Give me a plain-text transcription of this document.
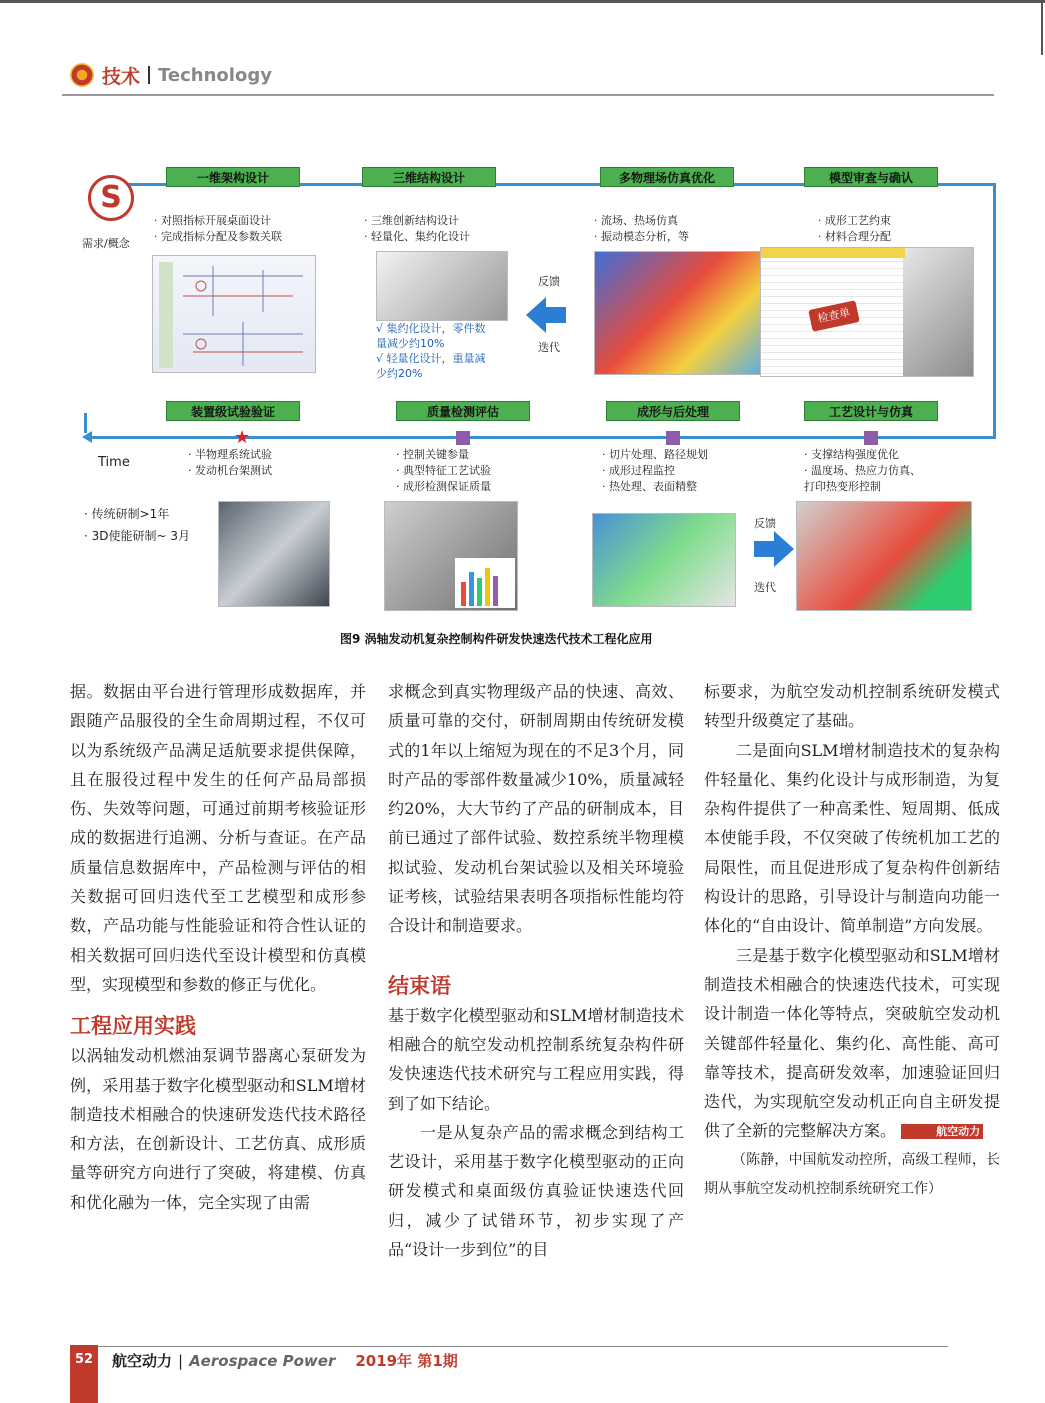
技术 Technology
S
需求/概念
Time
一维架构设计	三维结构设计	多物理场仿真优化	模型审查与确认
· 对照指标开展桌面设计
· 完成指标分配及参数关联
· 三维创新结构设计
· 轻量化、集约化设计
· 流场、热场仿真
· 振动模态分析，等
· 成形工艺约束
· 材料合理分配
√ 集约化设计，零件数
量减少约10%
√ 轻量化设计，重量减
少约20%
反馈
迭代
检查单
装置级试验验证	质量检测评估	成形与后处理	工艺设计与仿真
★
· 半物理系统试验
· 发动机台架测试
· 控制关键参量
· 典型特征工艺试验
· 成形检测保证质量
· 切片处理、路径规划
· 成形过程监控
· 热处理、表面精整
· 支撑结构强度优化
· 温度场、热应力仿真、
打印热变形控制
· 传统研制>1年
· 3D使能研制~ 3月
反馈
迭代
图9 涡轴发动机复杂控制构件研发快速迭代技术工程化应用

据。数据由平台进行管理形成数据库，并跟随产品服役的全生命周期过程，不仅可以为系统级产品满足适航要求提供保障，且在服役过程中发生的任何产品局部损伤、失效等问题，可通过前期考核验证形成的数据进行追溯、分析与查证。在产品质量信息数据库中，产品检测与评估的相关数据可回归迭代至工艺模型和成形参数，产品功能与性能验证和符合性认证的相关数据可回归迭代至设计模型和仿真模型，实现模型和参数的修正与优化。

工程应用实践

以涡轴发动机燃油泵调节器离心泵研发为例，采用基于数字化模型驱动和SLM增材制造技术相融合的快速研发迭代技术路径和方法，在创新设计、工艺仿真、成形质量等研究方向进行了突破，将建模、仿真和优化融为一体，完全实现了由需

求概念到真实物理级产品的快速、高效、质量可靠的交付，研制周期由传统研发模式的1年以上缩短为现在的不足3个月，同时产品的零部件数量减少10%，质量减轻约20%，大大节约了产品的研制成本，目前已通过了部件试验、数控系统半物理模拟试验、发动机台架试验以及相关环境验证考核，试验结果表明各项指标性能均符合设计和制造要求。

结束语

基于数字化模型驱动和SLM增材制造技术相融合的航空发动机控制系统复杂构件研发快速迭代技术研究与工程应用实践，得到了如下结论。

一是从复杂产品的需求概念到结构工艺设计，采用基于数字化模型驱动的正向研发模式和桌面级仿真验证快速迭代回归，减少了试错环节，初步实现了产品“设计一步到位”的目

标要求，为航空发动机控制系统研发模式转型升级奠定了基础。

二是面向SLM增材制造技术的复杂构件轻量化、集约化设计与成形制造，为复杂构件提供了一种高柔性、短周期、低成本使能手段，不仅突破了传统机加工艺的局限性，而且促进形成了复杂构件创新结构设计的思路，引导设计与制造向功能一体化的“自由设计、简单制造”方向发展。

三是基于数字化模型驱动和SLM增材制造技术相融合的快速迭代技术，可实现设计制造一体化等特点，突破航空发动机关键部件轻量化、集约化、高性能、高可靠等技术，提高研发效率，加速验证回归迭代，为实现航空发动机正向自主研发提供了全新的完整解决方案。	航空动力

（陈静，中国航发动控所，高级工程师，长期从事航空发动机控制系统研究工作）

52	航空动力 | Aerospace Power 2019年 第1期
